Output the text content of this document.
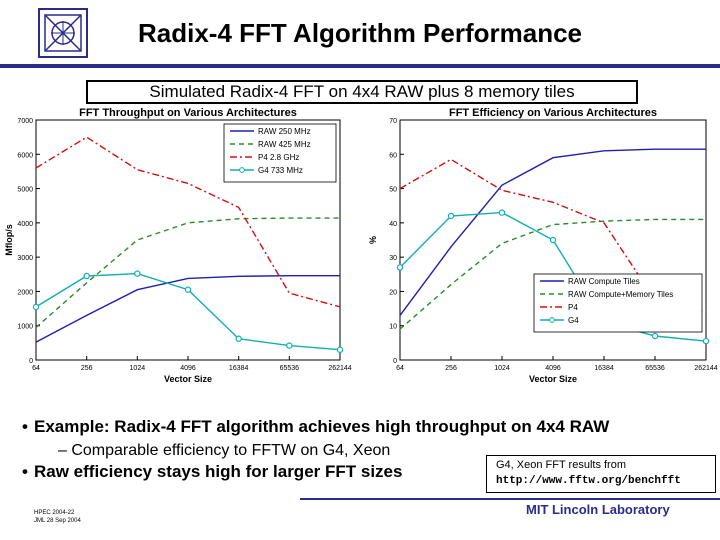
Radix-4 FFT Algorithm Performance
Simulated Radix-4 FFT on 4x4 RAW plus 8 memory tiles
FFT Throughput on Various Architectures
0
1000
2000
3000
4000
5000
6000
7000
64	256	1024	4096	16384	65536	262144
Vector Size
Mflop/s
RAW 250 MHz
RAW 425 MHz
P4 2.8 GHz
G4 733 MHz
FFT Efficiency on Various Architectures
0
10
20
30
40
50
60
70
64	256	1024	4096	16384	65536	262144
Vector Size
%
RAW Compute Tiles
RAW Compute+Memory Tiles
P4
G4
• Example: Radix-4 FFT algorithm achieves high throughput on 4x4 RAW
– Comparable efficiency to FFTW on G4, Xeon
• Raw efficiency stays high for larger FFT sizes	G4, Xeon FFT results from
http://www.fftw.org/benchfft
MIT Lincoln Laboratory
HPEC 2004-22
JML 28 Sep 2004
